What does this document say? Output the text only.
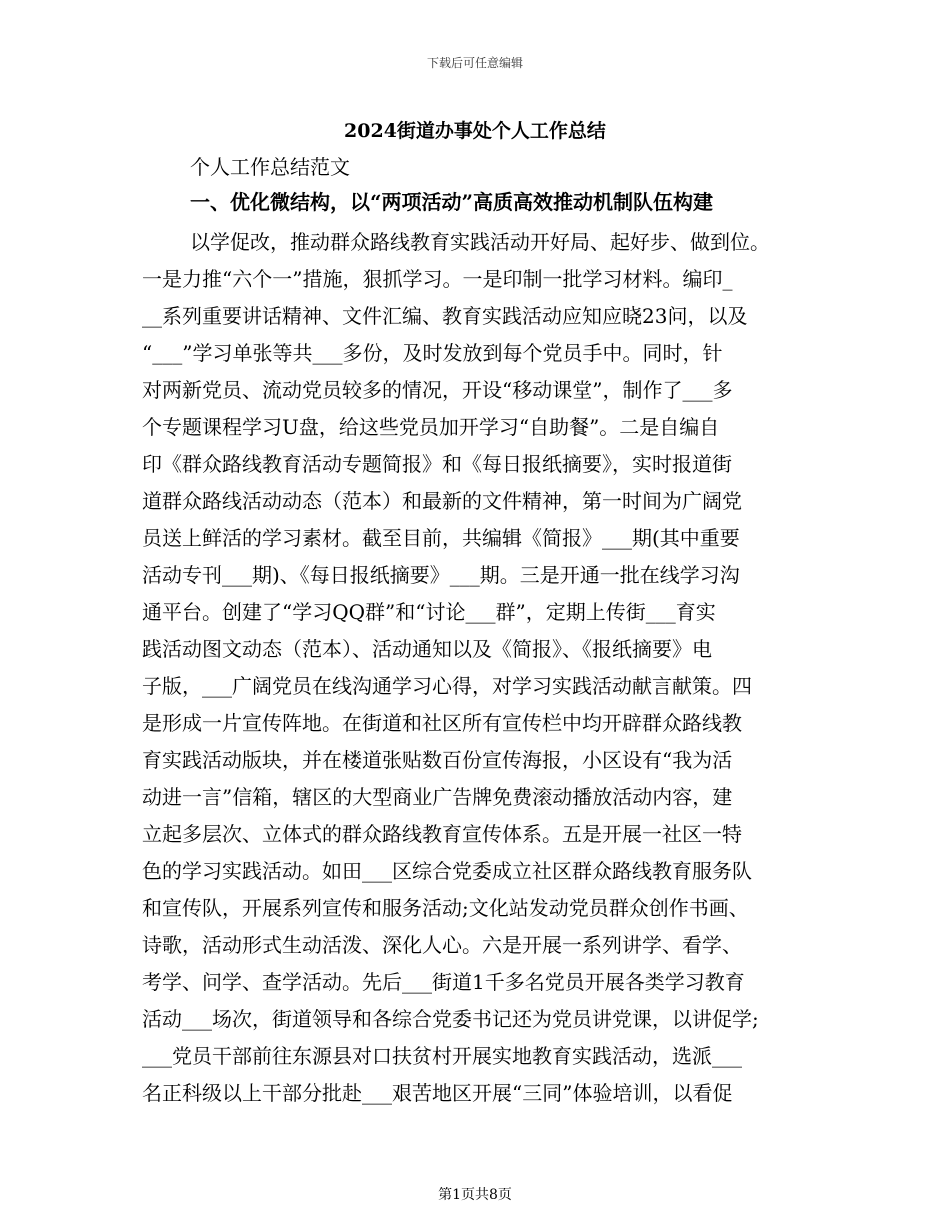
下载后可任意编辑
2024街道办事处个人工作总结
个人工作总结范文
一、优化微结构，以“两项活动”高质高效推动机制队伍构建
以学促改，推动群众路线教育实践活动开好局、起好步、做到位。
一是力推“六个一”措施，狠抓学习。一是印制一批学习材料。编印_
__系列重要讲话精神、文件汇编、教育实践活动应知应晓23问，以及
“___”学习单张等共___多份，及时发放到每个党员手中。同时，针
对两新党员、流动党员较多的情况，开设“移动课堂”，制作了___多
个专题课程学习U盘，给这些党员加开学习“自助餐”。二是自编自
印《群众路线教育活动专题简报》和《每日报纸摘要》，实时报道街
道群众路线活动动态（范本）和最新的文件精神，第一时间为广阔党
员送上鲜活的学习素材。截至目前，共编辑《简报》___期(其中重要
活动专刊___期)、《每日报纸摘要》___期。三是开通一批在线学习沟
通平台。创建了“学习QQ群”和“讨论___群”，定期上传街___育实
践活动图文动态（范本）、活动通知以及《简报》、《报纸摘要》电
子版，___广阔党员在线沟通学习心得，对学习实践活动献言献策。四
是形成一片宣传阵地。在街道和社区所有宣传栏中均开辟群众路线教
育实践活动版块，并在楼道张贴数百份宣传海报，小区设有“我为活
动进一言”信箱，辖区的大型商业广告牌免费滚动播放活动内容，建
立起多层次、立体式的群众路线教育宣传体系。五是开展一社区一特
色的学习实践活动。如田___区综合党委成立社区群众路线教育服务队
和宣传队，开展系列宣传和服务活动;文化站发动党员群众创作书画、
诗歌，活动形式生动活泼、深化人心。六是开展一系列讲学、看学、
考学、问学、查学活动。先后___街道1千多名党员开展各类学习教育
活动___场次，街道领导和各综合党委书记还为党员讲党课，以讲促学;
___党员干部前往东源县对口扶贫村开展实地教育实践活动，选派___
名正科级以上干部分批赴___艰苦地区开展“三同”体验培训，以看促
第1页共8页
